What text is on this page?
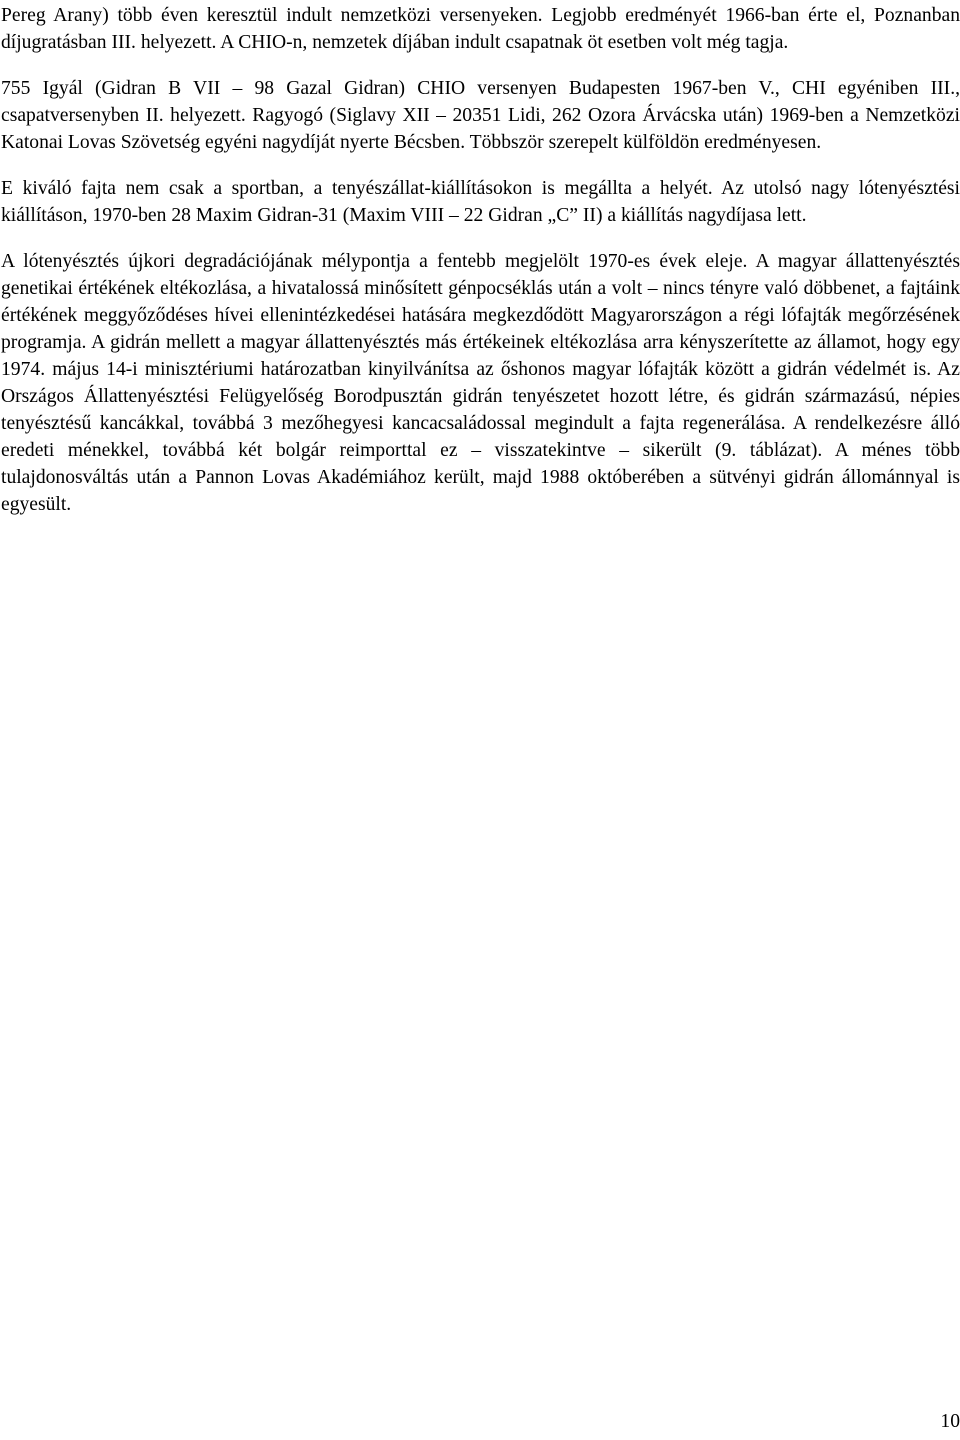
Pereg Arany) több éven keresztül indult nemzetközi versenyeken. Legjobb eredményét 1966-ban érte el, Poznanban díjugratásban III. helyezett. A CHIO-n, nemzetek díjában indult csapatnak öt esetben volt még tagja.

755 Igyál (Gidran B VII – 98 Gazal Gidran) CHIO versenyen Budapesten 1967-ben V., CHI egyéniben III., csapatversenyben II. helyezett. Ragyogó (Siglavy XII – 20351 Lidi, 262 Ozora Árvácska után) 1969-ben a Nemzetközi Katonai Lovas Szövetség egyéni nagydíját nyerte Bécsben. Többször szerepelt külföldön eredményesen.

E kiváló fajta nem csak a sportban, a tenyészállat-kiállításokon is megállta a helyét. Az utolsó nagy lótenyésztési kiállításon, 1970-ben 28 Maxim Gidran-31 (Maxim VIII – 22 Gidran „C” II) a kiállítás nagydíjasa lett.

A lótenyésztés újkori degradációjának mélypontja a fentebb megjelölt 1970-es évek eleje. A magyar állattenyésztés genetikai értékének eltékozlása, a hivatalossá minősített génpocséklás után a volt – nincs tényre való döbbenet, a fajtáink értékének meggyőződéses hívei ellenintézkedései hatására megkezdődött Magyarországon a régi lófajták megőrzésének programja. A gidrán mellett a magyar állattenyésztés más értékeinek eltékozlása arra kényszerítette az államot, hogy egy 1974. május 14-i minisztériumi határozatban kinyilvánítsa az őshonos magyar lófajták között a gidrán védelmét is. Az Országos Állattenyésztési Felügyelőség Borodpusztán gidrán tenyészetet hozott létre, és gidrán származású, népies tenyésztésű kancákkal, továbbá 3 mezőhegyesi kancacsaládossal megindult a fajta regenerálása. A rendelkezésre álló eredeti ménekkel, továbbá két bolgár reimporttal ez – visszatekintve – sikerült (9. táblázat). A ménes több tulajdonosváltás után a Pannon Lovas Akadémiához került, majd 1988 októberében a sütvényi gidrán állománnyal is egyesült.

10
